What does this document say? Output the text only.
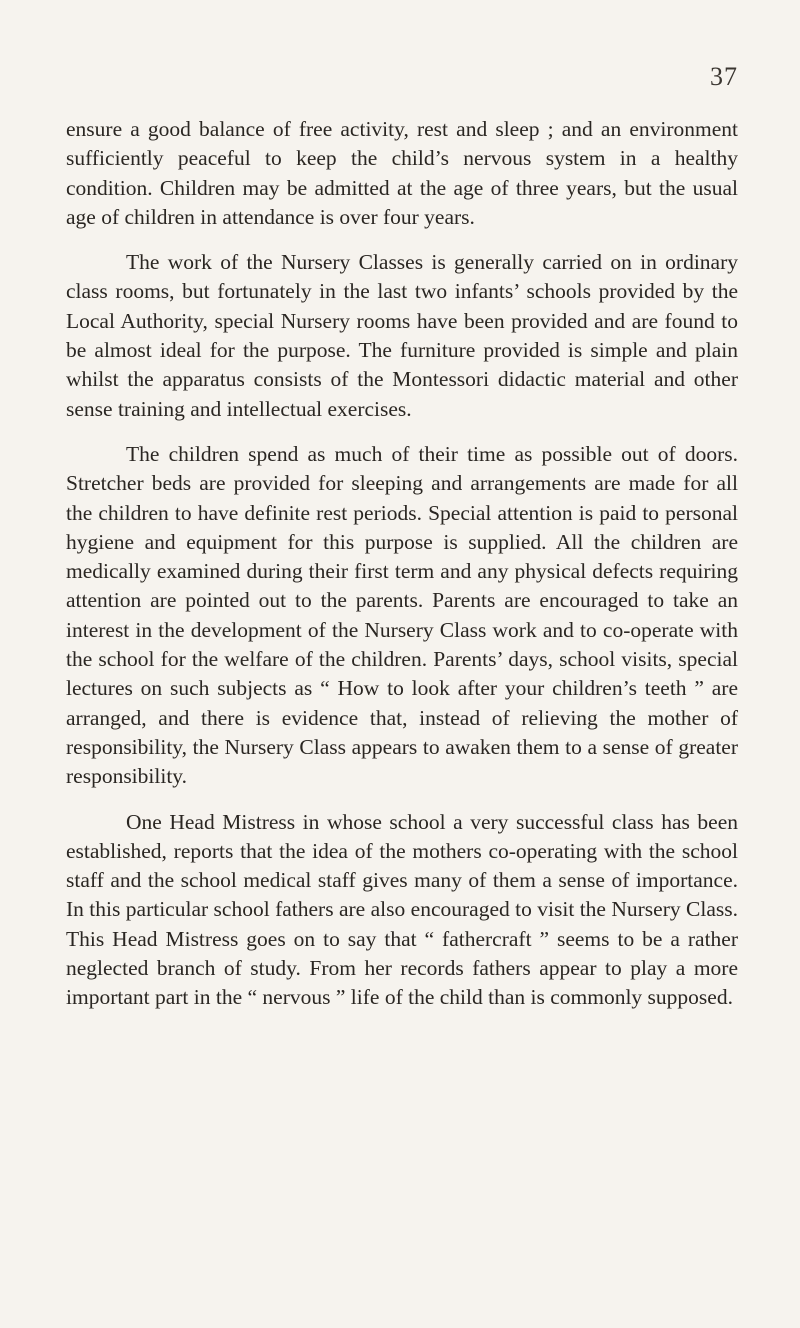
37

ensure a good balance of free activity, rest and sleep ; and an environment sufficiently peaceful to keep the child’s nervous system in a healthy condition. Children may be admitted at the age of three years, but the usual age of children in attendance is over four years.

The work of the Nursery Classes is generally carried on in ordinary class rooms, but fortunately in the last two infants’ schools provided by the Local Authority, special Nursery rooms have been provided and are found to be almost ideal for the purpose. The furniture provided is simple and plain whilst the apparatus consists of the Montessori didactic material and other sense training and intellectual exercises.

The children spend as much of their time as possible out of doors. Stretcher beds are provided for sleeping and arrangements are made for all the children to have definite rest periods. Special attention is paid to personal hygiene and equipment for this purpose is supplied. All the children are medically examined during their first term and any physical defects requiring attention are pointed out to the parents. Parents are encouraged to take an interest in the development of the Nursery Class work and to co-operate with the school for the welfare of the children. Parents’ days, school visits, special lectures on such subjects as “ How to look after your children’s teeth ” are arranged, and there is evidence that, instead of relieving the mother of responsibility, the Nursery Class appears to awaken them to a sense of greater responsibility.

One Head Mistress in whose school a very successful class has been established, reports that the idea of the mothers co-operating with the school staff and the school medical staff gives many of them a sense of importance. In this particular school fathers are also encouraged to visit the Nursery Class. This Head Mistress goes on to say that “ fathercraft ” seems to be a rather neglected branch of study. From her records fathers appear to play a more important part in the “ nervous ” life of the child than is commonly supposed.
